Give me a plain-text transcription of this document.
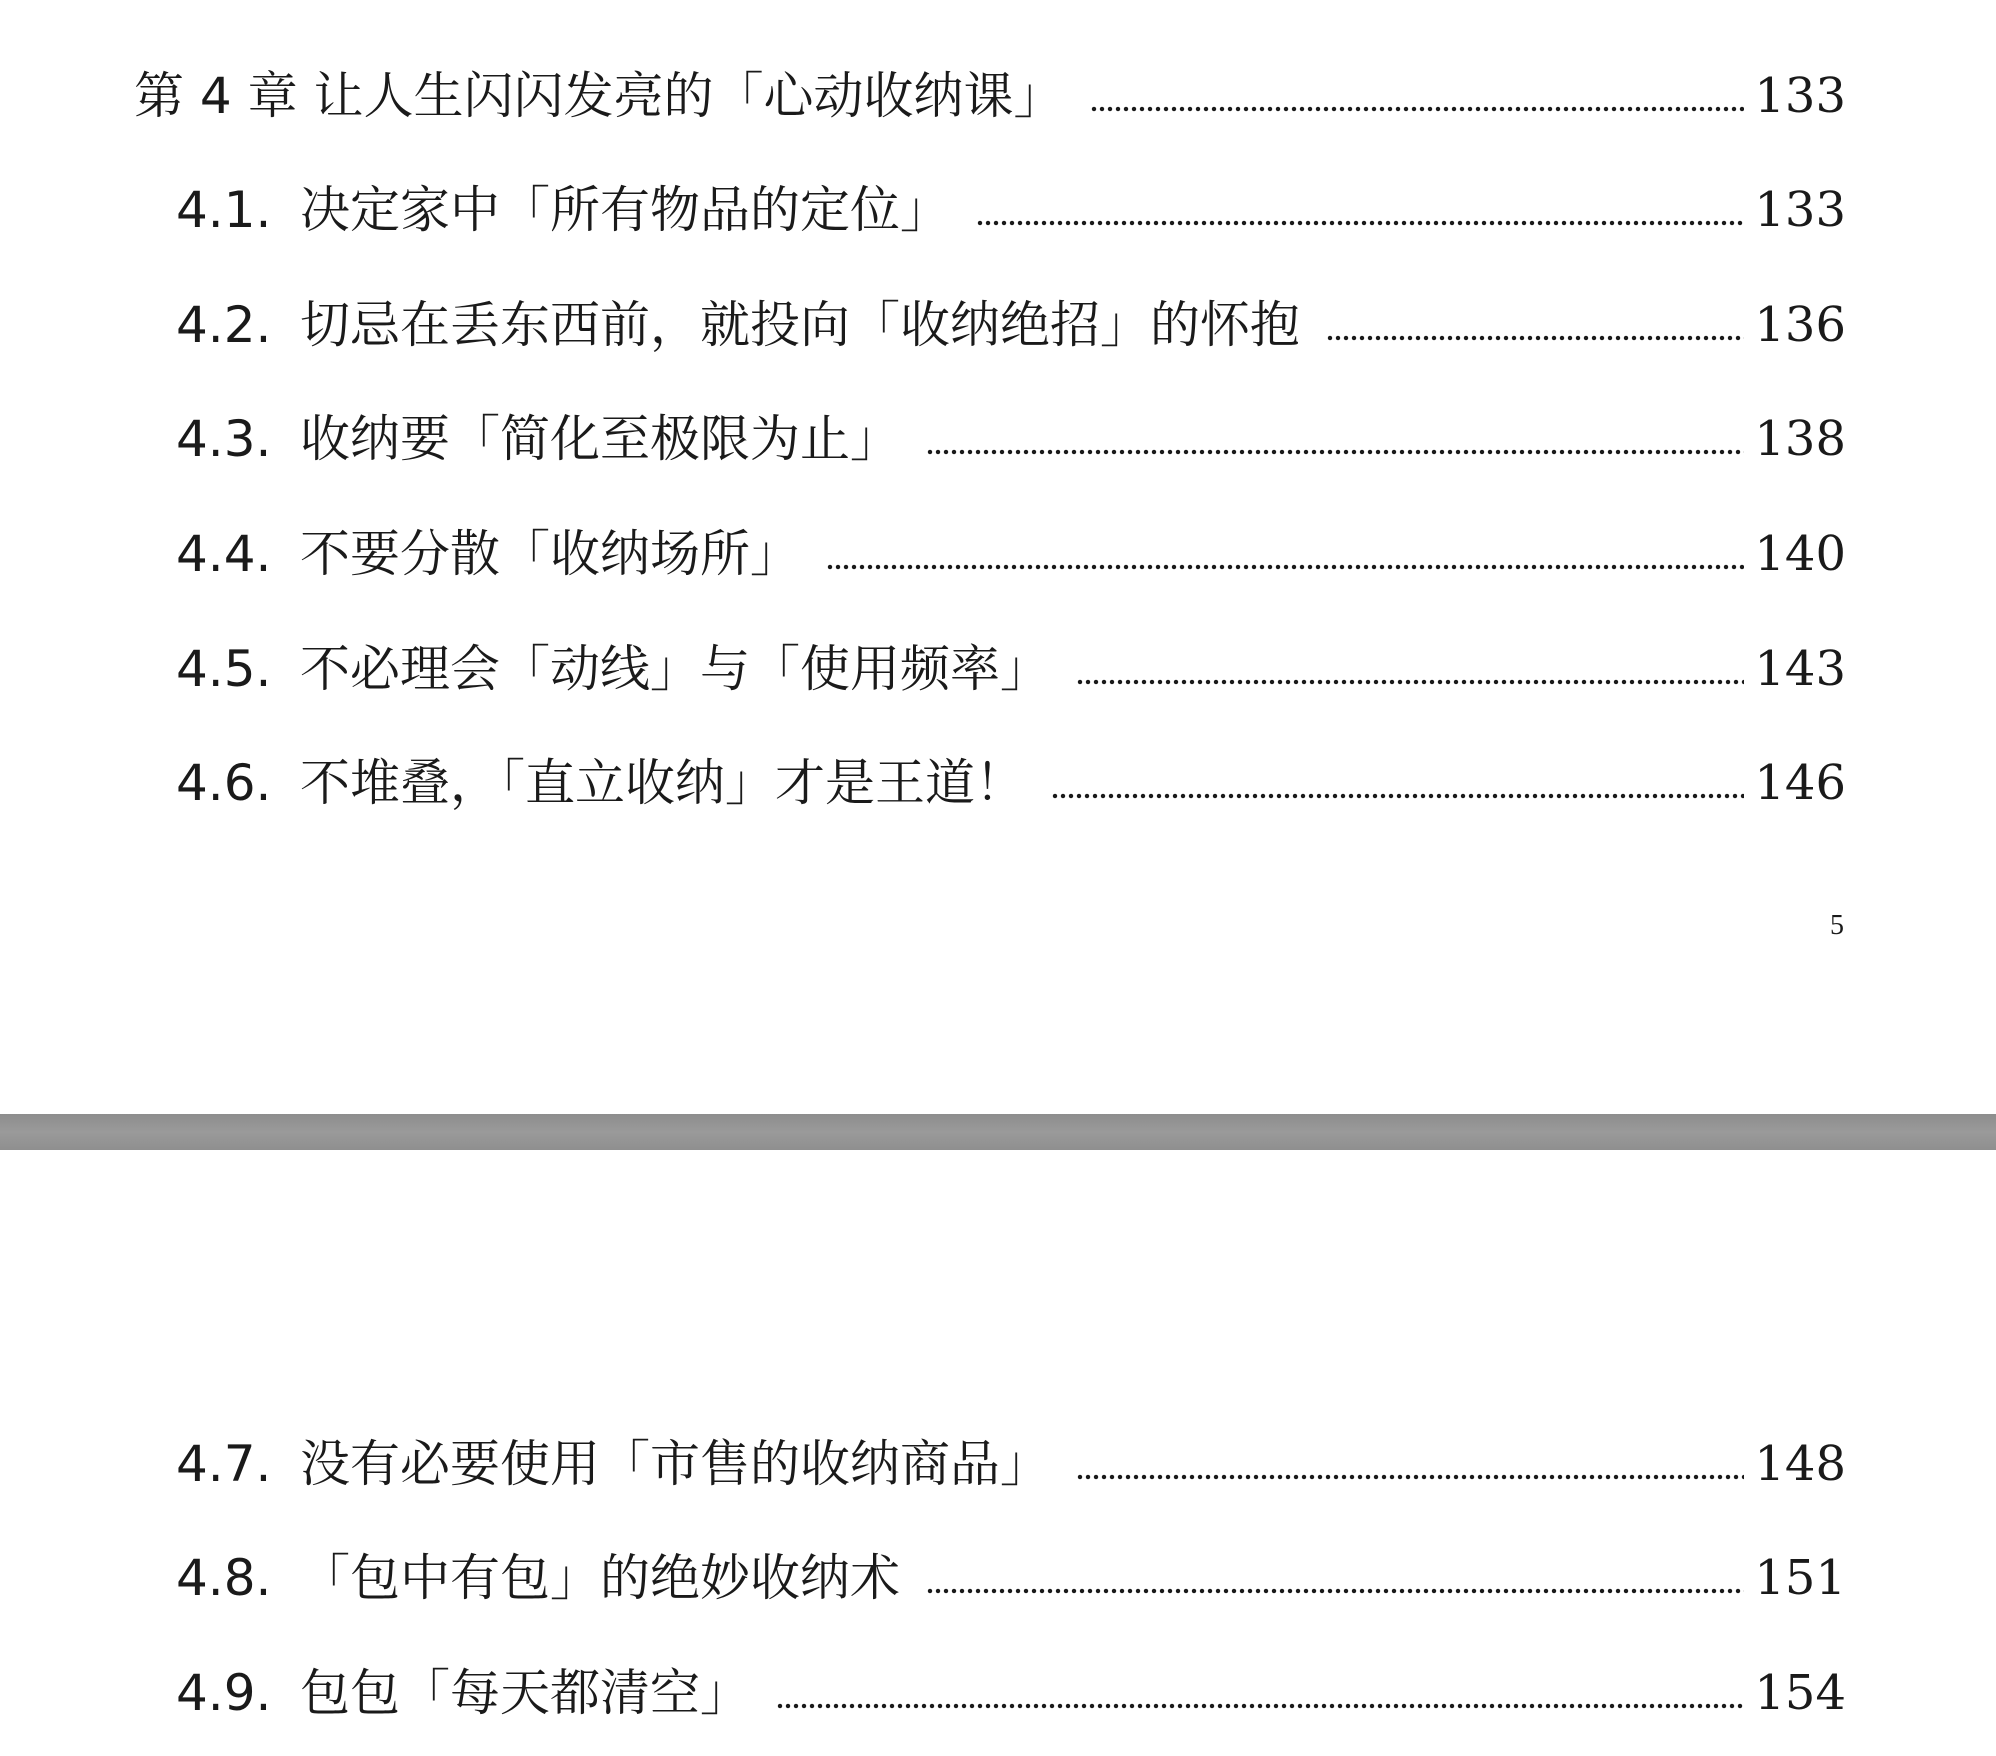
第 4 章 让人生闪闪发亮的「心动收纳课」	133
4.1. 决定家中「所有物品的定位」	133
4.2. 切忌在丢东西前，就投向「收纳绝招」的怀抱	136
4.3. 收纳要「简化至极限为止」	138
4.4. 不要分散「收纳场所」	140
4.5. 不必理会「动线」与「使用频率」	143
4.6. 不堆叠，「直立收纳」才是王道！	146
5
4.7. 没有必要使用「市售的收纳商品」	148
4.8. 「包中有包」的绝妙收纳术	151
4.9. 包包「每天都清空」	154
